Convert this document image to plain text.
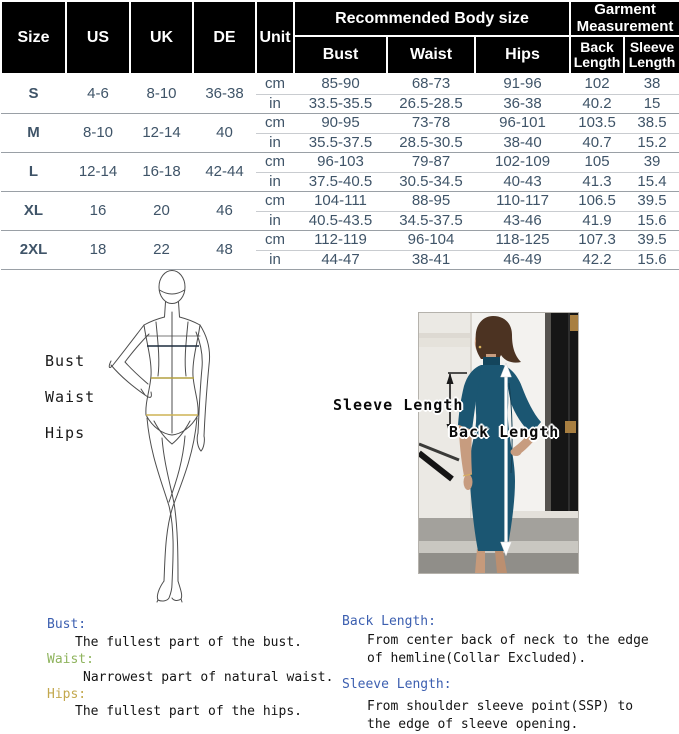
Size	US	UK	DE	Unit	Recommended Body size			Garment Measurement	
					Bust	Waist	Hips	Back Length	Sleeve Length
S	4-6	8-10	36-38	cm	85-90	68-73	91-96	102	38
				in	33.5-35.5	26.5-28.5	36-38	40.2	15
M	8-10	12-14	40	cm	90-95	73-78	96-101	103.5	38.5
				in	35.5-37.5	28.5-30.5	38-40	40.7	15.2
L	12-14	16-18	42-44	cm	96-103	79-87	102-109	105	39
				in	37.5-40.5	30.5-34.5	40-43	41.3	15.4
XL	16	20	46	cm	104-111	88-95	110-117	106.5	39.5
				in	40.5-43.5	34.5-37.5	43-46	41.9	15.6
2XL	18	22	48	cm	112-119	96-104	118-125	107.3	39.5
				in	44-47	38-41	46-49	42.2	15.6
Bust
Waist
Hips
Sleeve Length
Back Length
Bust:
The fullest part of the bust.
Waist:
Narrowest part of natural waist.
Hips:
The fullest part of the hips.
Back Length:
From center back of neck to the edge
of hemline(Collar Excluded).
Sleeve Length:
From shoulder sleeve point(SSP) to
the edge of sleeve opening.
